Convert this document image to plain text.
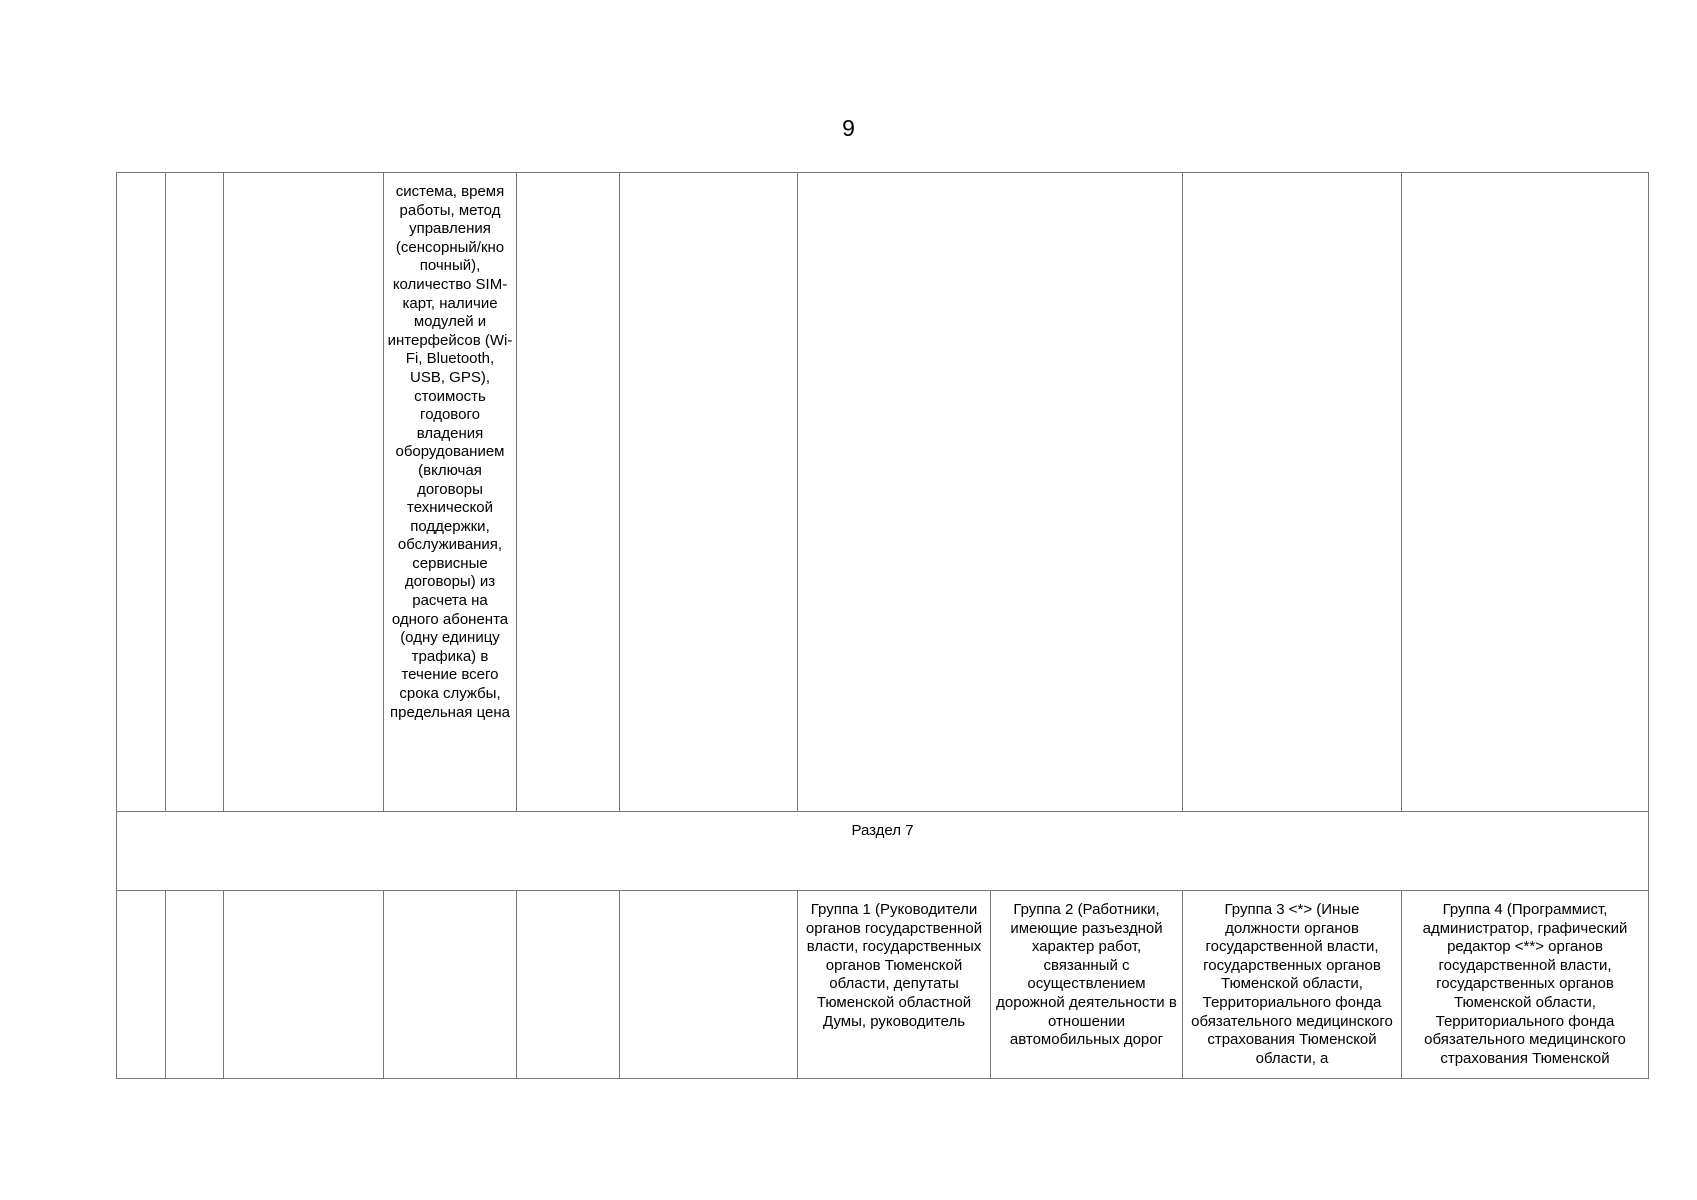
9

			система, время работы, метод управления (сенсорный/кно почный), количество SIM-карт, наличие модулей и интерфейсов (Wi-Fi, Bluetooth, USB, GPS), стоимость годового владения оборудованием (включая договоры технической поддержки, обслуживания, сервисные договоры) из расчета на одного абонента (одну единицу трафика) в течение всего срока службы, предельная цена						

Раздел 7									

						Группа 1 (Руководители органов государственной власти, государственных органов Тюменской области, депутаты Тюменской областной Думы, руководитель	Группа 2 (Работники, имеющие разъездной характер работ, связанный с осуществлением дорожной деятельности в отношении автомобильных дорог	Группа 3 <*> (Иные должности органов государственной власти, государственных органов Тюменской области, Территориального фонда обязательного медицинского страхования Тюменской области, а	Группа 4 (Программист, администратор, графический редактор <**> органов государственной власти, государственных органов Тюменской области, Территориального фонда обязательного медицинского страхования Тюменской
